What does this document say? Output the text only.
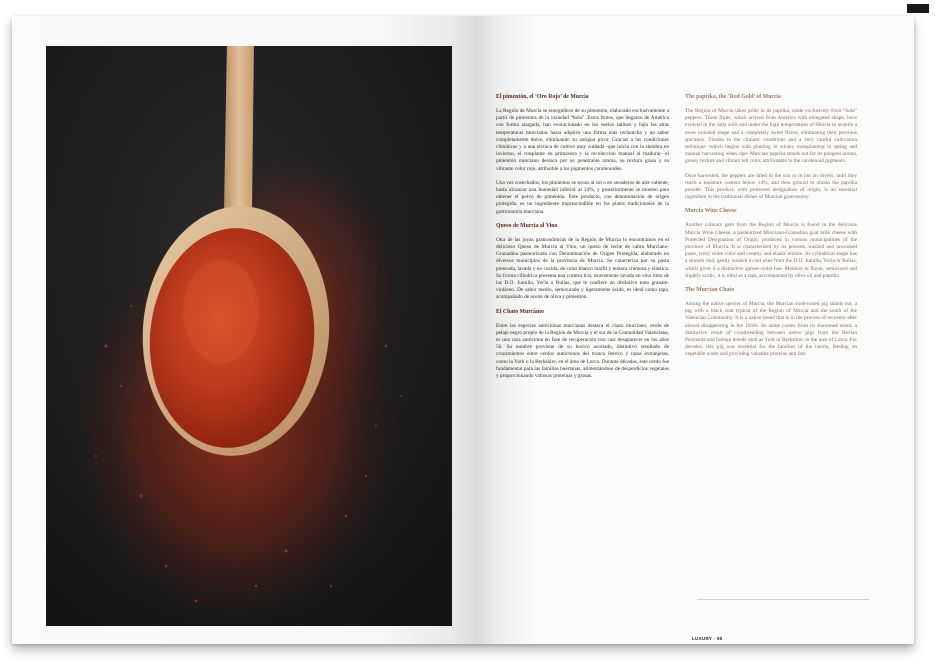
LUXURY · 95
El pimentón, el ‘Oro Rojo’ de Murcia

La Región de Murcia se enorgullece de su pimentón, elaborado exclusivamente a partir de pimientos de la variedad “bola”. Estos frutos, que llegaron de América con forma alargada, han evolucionado en los suelos salinos y bajo las altas temperaturas murcianas hasta adquirir una forma más rechoncha y un sabor completamente dulce, eliminando su antiguo picor. Gracias a las condiciones climáticas y a una técnica de cultivo muy cuidada -que inicia con la siembra en invierno, el trasplante en primavera y la recolección manual al madurar- el pimentón murciano destaca por su penetrante aroma, su textura grasa y su vibrante color rojo, atribuible a los pigmentos carotenoides.

Una vez cosechados, los pimientos se secan al sol o en secaderos de aire caliente, hasta alcanzar una humedad inferior al 14%, y posteriormente se muelen para obtener el polvo de pimentón. Este producto, con denominación de origen protegida, es un ingrediente imprescindible en los platos tradicionales de la gastronomía murciana.

Queso de Murcia al Vino

Otra de las joyas gastronómicas de la Región de Murcia lo encontramos en el delicioso Queso de Murcia al Vino, un queso de leche de cabra Murciano-Granadina pasteurizada con Denominación de Origen Protegida, elaborado en diversos municipios de la provincia de Murcia. Se caracteriza por su pasta prensada, lavada y no cocida, de color blanco marfil y textura cremosa y elástica. Su forma cilíndrica presenta una corteza lisa, suavemente lavada en vino tinto de las D.O. Jumilla, Yecla o Bullas, que le confiere un distintivo tono granate-violáceo. De sabor medio, semicurado y ligeramente ácido, es ideal como tapa, acompañado de aceite de oliva y pimentón.

El Chato Murciano

Entre las especies autóctonas murcianas destaca el chato murciano, cerdo de pelaje negro propio de la Región de Murcia y el sur de la Comunidad Valenciana, es una raza autóctona en fase de recuperación tras casi desaparecer en los años 50. Su nombre proviene de su hocico acortado, distintivo resultado de cruzamientos entre cerdos autóctonos del tronco ibérico y razas extranjeras, como la York o la Berkshire, en el área de Lorca. Durante décadas, este cerdo fue fundamental para las familias huertanas, alimentándose de desperdicios vegetales y proporcionando valiosas proteínas y grasas.

The paprika, the ‘Red Gold’ of Murcia

The Region of Murcia takes pride in its paprika, made exclusively from “bola” peppers. These fruits, which arrived from America with elongated shape, have evolved in the salty soils and under the high temperatures of Murcia to acquire a more rounded shape and a completely sweet flavor, eliminating their previous spiciness. Thanks to the climatic conditions and a very careful cultivation technique -which begins with planting in winter, transplanting in spring and manual harvesting when ripe- Murcian paprika stands out for its pungent aroma, greasy texture and vibrant red color, attributable to the carotenoid pigments.

Once harvested, the peppers are dried in the sun or in hot air dryers, until they reach a moisture content below 14%, and then ground to obtain the paprika powder. This product, with protected designation of origin, is an essential ingredient in the traditional dishes of Murcian gastronomy.

Murcia Wine Cheese

Another culinary gem from the Region of Murcia is found in the delicious Murcia Wine Cheese, a pasteurized Murciano-Granadina goat milk cheese with Protected Designation of Origin, produced in various municipalities of the province of Murcia. It is characterized by its pressed, washed and uncooked paste, ivory white color and creamy and elastic texture. Its cylindrical shape has a smooth rind, gently washed in red wine from the D.O. Jumilla, Yecla or Bullas, which gives it a distinctive garnet-violet hue. Medium in flavor, semicured and slightly acidic, it is ideal as a tapa, accompanied by olive oil and paprika.

The Murcian Chato

Among the native species of Murcia, the Murcian snub-nosed pig stands out, a pig with a black coat typical of the Region of Murcia and the south of the Valencian Community. It is a native breed that is in the process of recovery after almost disappearing in the 1950s. Its name comes from its shortened snout, a distinctive result of crossbreeding between native pigs from the Iberian Peninsula and foreign breeds such as York or Berkshire, in the area of Lorca. For decades, this pig was essential for the families of the huerta, feeding on vegetable waste and providing valuable proteins and fats.
